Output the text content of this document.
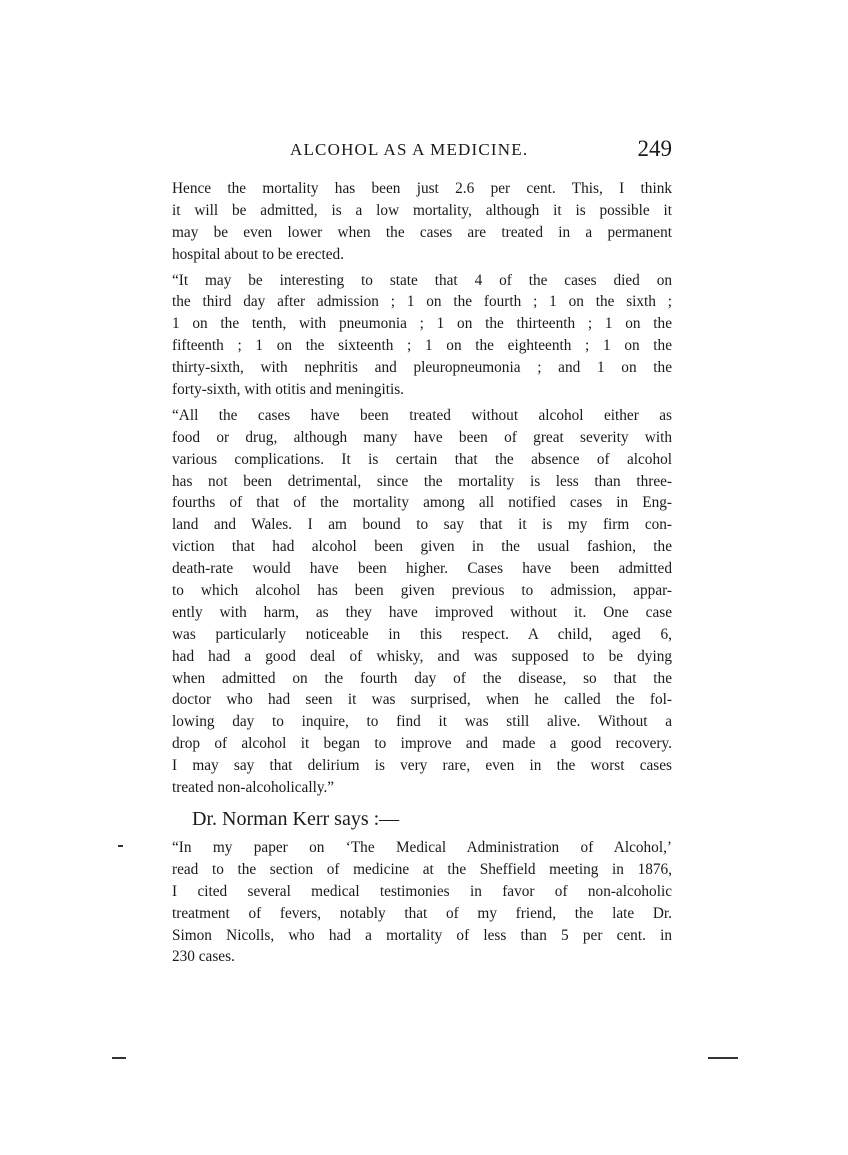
ALCOHOL AS A MEDICINE.	249
Hence the mortality has been just 2.6 per cent. This, I think
it will be admitted, is a low mortality, although it is possible it
may be even lower when the cases are treated in a permanent
hospital about to be erected.
“It may be interesting to state that 4 of the cases died on
the third day after admission ; 1 on the fourth ; 1 on the sixth ;
1 on the tenth, with pneumonia ; 1 on the thirteenth ; 1 on the
fifteenth ; 1 on the sixteenth ; 1 on the eighteenth ; 1 on the
thirty-sixth, with nephritis and pleuropneumonia ; and 1 on the
forty-sixth, with otitis and meningitis.
“All the cases have been treated without alcohol either as
food or drug, although many have been of great severity with
various complications. It is certain that the absence of alcohol
has not been detrimental, since the mortality is less than three-
fourths of that of the mortality among all notified cases in Eng-
land and Wales. I am bound to say that it is my firm con-
viction that had alcohol been given in the usual fashion, the
death-rate would have been higher. Cases have been admitted
to which alcohol has been given previous to admission, appar-
ently with harm, as they have improved without it. One case
was particularly noticeable in this respect. A child, aged 6,
had had a good deal of whisky, and was supposed to be dying
when admitted on the fourth day of the disease, so that the
doctor who had seen it was surprised, when he called the fol-
lowing day to inquire, to find it was still alive. Without a
drop of alcohol it began to improve and made a good recovery.
I may say that delirium is very rare, even in the worst cases
treated non-alcoholically.”
Dr. Norman Kerr says :—
“In my paper on ‘The Medical Administration of Alcohol,’
read to the section of medicine at the Sheffield meeting in 1876,
I cited several medical testimonies in favor of non-alcoholic
treatment of fevers, notably that of my friend, the late Dr.
Simon Nicolls, who had a mortality of less than 5 per cent. in
230 cases.
